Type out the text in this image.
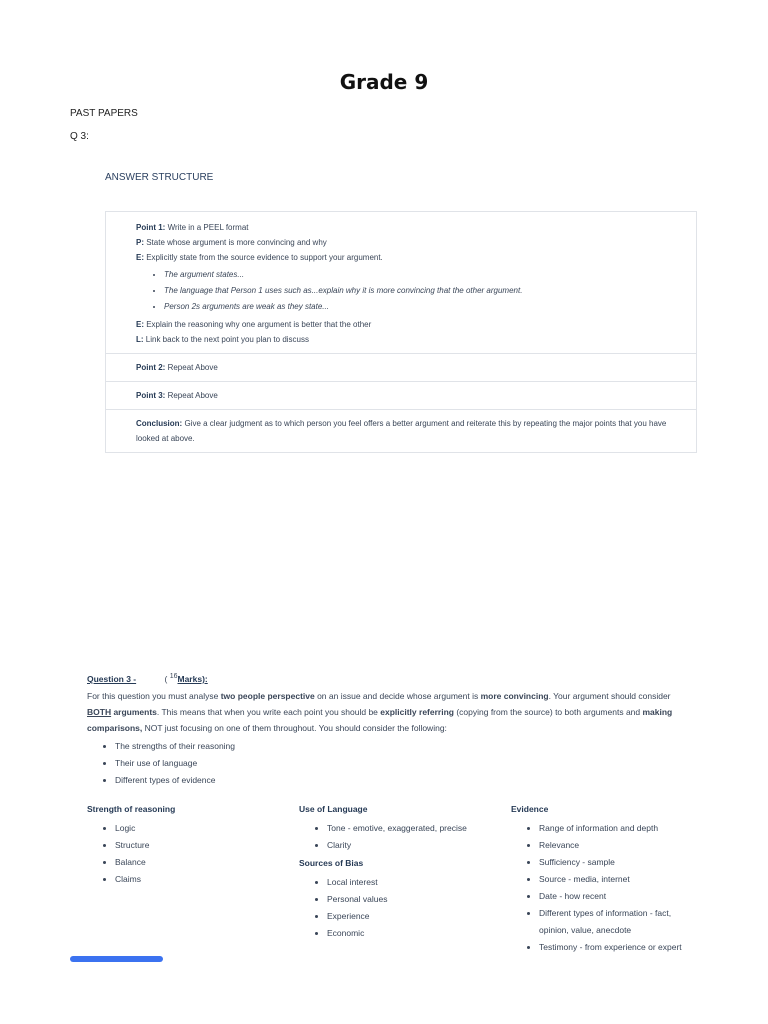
Grade 9
PAST PAPERS
Q 3:
ANSWER STRUCTURE
Point 1: Write in a PEEL format
P: State whose argument is more convincing and why
E: Explicitly state from the source evidence to support your argument.
• The argument states...
• The language that Person 1 uses such as...explain why it is more convincing that the other argument.
• Person 2s arguments are weak as they state...
E: Explain the reasoning why one argument is better that the other
L: Link back to the next point you plan to discuss
Point 2: Repeat Above
Point 3: Repeat Above
Conclusion: Give a clear judgment as to which person you feel offers a better argument and reiterate this by repeating the major points that you have looked at above.
Question 3 -	( $^{16}$Marks):

For this question you must analyse two people perspective on an issue and decide whose argument is more convincing. Your argument should consider BOTH arguments. This means that when you write each point you should be explicitly referring (copying from the source) to both arguments and making comparisons, NOT just focusing on one of them throughout. You should consider the following:

• The strengths of their reasoning
• Their use of language
• Different types of evidence
Strength of reasoning
• Logic
• Structure
• Balance
• Claims
Use of Language
• Tone - emotive, exaggerated, precise
• Clarity
Sources of Bias
• Local interest
• Personal values
• Experience
• Economic
Evidence
• Range of information and depth
• Relevance
• Sufficiency - sample
• Source - media, internet
• Date - how recent
• Different types of information - fact, opinion, value, anecdote
• Testimony - from experience or expert
